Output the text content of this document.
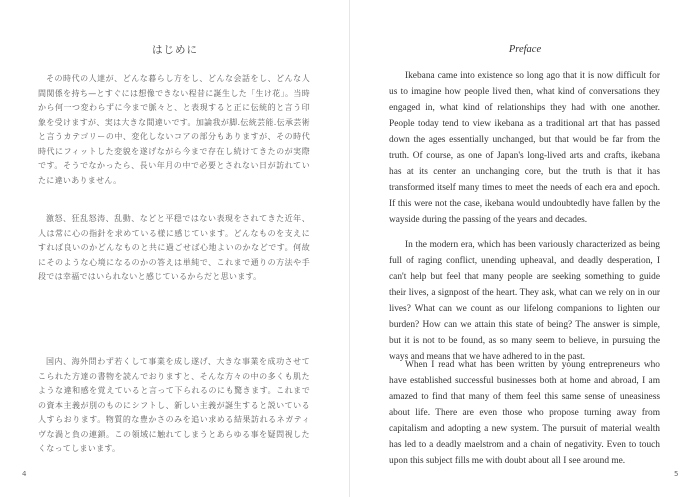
はじめに
その時代の人達が、どんな暮らし方をし、どんな会話をし、どんな人間関係を持ち—とすぐには想像できない程昔に誕生した「生け花」。当時から何一つ変わらずに今まで脈々と、と表現すると正に伝統的と言う印象を受けますが、実は大きな間違いです。加論我が脚.伝統芸能.伝承芸術と言うカテゴリーの中、変化しないコアの部分もありますが、その時代時代にフィットした変貌を遂げながら今まで存在し続けてきたのが実際です。そうでなかったら、長い年月の中で必要とされない日が訪れていたに違いありません。
激怒、狂乱怒涛、乱動、などと平穏ではない表現をされてきた近年、人は常に心の指針を求めている様に感じています。どんなものを支えにすれば良いのかどんなものと共に過ごせば心地よいのかなどです。何故にそのような心境になるのかの答えは単純で、これまで通りの方法や手段では幸福ではいられないと感じているからだと思います。
国内、海外問わず若くして事業を成し遂げ、大きな事業を成功させてこられた方達の書物を読んでおりますと、そんな方々の中の多くも肌たような違和感を覚えていると言って下られるのにも驚きます。これまでの資本主義が別のものにシフトし、新しい主義が誕生すると説いている人すらおります。物質的な豊かさのみを追い求める結果訪れるネガティヴな渦と負の連鎖。この領域に触れてしまうとあらゆる事を疑問視したくなってしまいます。
4
Preface
Ikebana came into existence so long ago that it is now difficult for us to imagine how people lived then, what kind of conversations they engaged in, what kind of relationships they had with one another. People today tend to view ikebana as a traditional art that has passed down the ages essentially unchanged, but that would be far from the truth. Of course, as one of Japan's long-lived arts and crafts, ikebana has at its center an unchanging core, but the truth is that it has transformed itself many times to meet the needs of each era and epoch. If this were not the case, ikebana would undoubtedly have fallen by the wayside during the passing of the years and decades.
In the modern era, which has been variously characterized as being full of raging conflict, unending upheaval, and deadly desperation, I can't help but feel that many people are seeking something to guide their lives, a signpost of the heart. They ask, what can we rely on in our lives? What can we count as our lifelong companions to lighten our burden? How can we attain this state of being? The answer is simple, but it is not to be found, as so many seem to believe, in pursuing the ways and means that we have adhered to in the past.
When I read what has been written by young entrepreneurs who have established successful businesses both at home and abroad, I am amazed to find that many of them feel this same sense of uneasiness about life. There are even those who propose turning away from capitalism and adopting a new system. The pursuit of material wealth has led to a deadly maelstrom and a chain of negativity. Even to touch upon this subject fills me with doubt about all I see around me.
5
